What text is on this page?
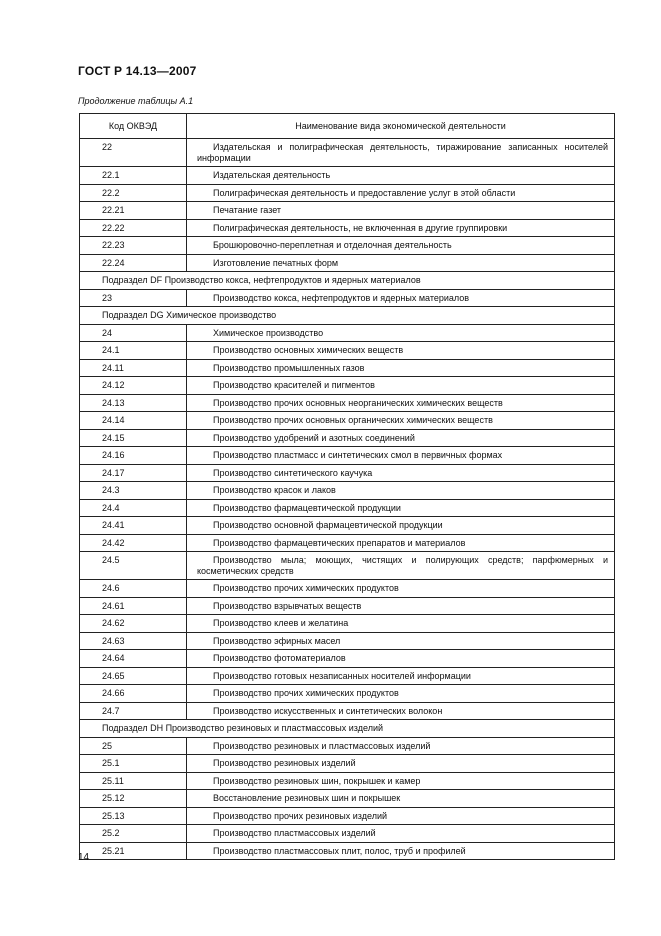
ГОСТ Р 14.13—2007
Продолжение таблицы А.1
Код ОКВЭД	Наименование вида экономической деятельности
22	Издательская и полиграфическая деятельность, тиражирование записанных носителей информации
22.1	Издательская деятельность
22.2	Полиграфическая деятельность и предоставление услуг в этой области
22.21	Печатание газет
22.22	Полиграфическая деятельность, не включенная в другие группировки
22.23	Брошюровочно-переплетная и отделочная деятельность
22.24	Изготовление печатных форм
Подраздел DF Производство кокса, нефтепродуктов и ядерных материалов	
23	Производство кокса, нефтепродуктов и ядерных материалов
Подраздел DG Химическое производство	
24	Химическое производство
24.1	Производство основных химических веществ
24.11	Производство промышленных газов
24.12	Производство красителей и пигментов
24.13	Производство прочих основных неорганических химических веществ
24.14	Производство прочих основных органических химических веществ
24.15	Производство удобрений и азотных соединений
24.16	Производство пластмасс и синтетических смол в первичных формах
24.17	Производство синтетического каучука
24.3	Производство красок и лаков
24.4	Производство фармацевтической продукции
24.41	Производство основной фармацевтической продукции
24.42	Производство фармацевтических препаратов и материалов
24.5	Производство мыла; моющих, чистящих и полирующих средств; парфюмерных и косметических средств
24.6	Производство прочих химических продуктов
24.61	Производство взрывчатых веществ
24.62	Производство клеев и желатина
24.63	Производство эфирных масел
24.64	Производство фотоматериалов
24.65	Производство готовых незаписанных носителей информации
24.66	Производство прочих химических продуктов
24.7	Производство искусственных и синтетических волокон
Подраздел DH Производство резиновых и пластмассовых изделий	
25	Производство резиновых и пластмассовых изделий
25.1	Производство резиновых изделий
25.11	Производство резиновых шин, покрышек и камер
25.12	Восстановление резиновых шин и покрышек
25.13	Производство прочих резиновых изделий
25.2	Производство пластмассовых изделий
25.21	Производство пластмассовых плит, полос, труб и профилей
14
